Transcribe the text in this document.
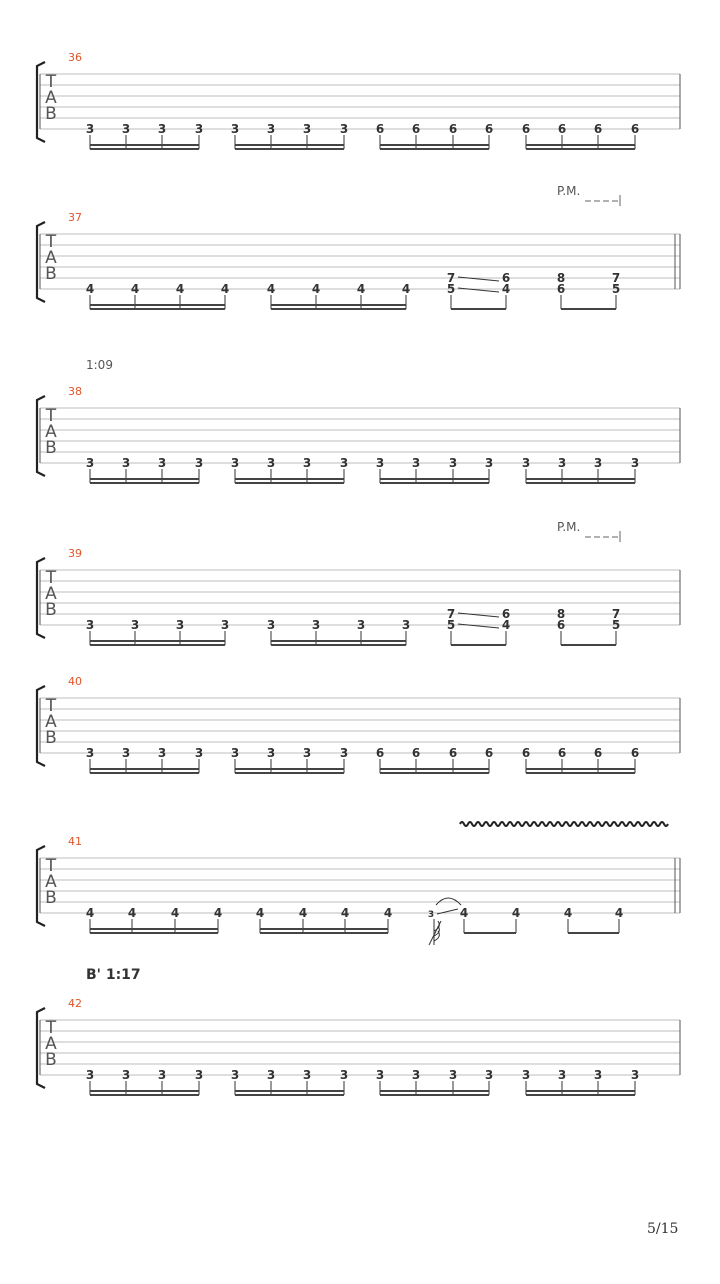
T
A
B
36
3 3 3 3 3 3 3 3 6 6 6 6 6 6 6 6
T
A
B
37
P.M.
4	4	4	4	4	4	4	4
7
5
6
4
8
6
7
5
T
A
B
38
1:09
3 3 3 3 3 3 3 3 3 3 3 3 3 3 3 3
T
A
B
39
P.M.
3	3	3	3	3	3	3	3
7
5
6
4
8
6
7
5
T
A
B
40
3 3 3 3 3 3 3 3 6 6 6 6 6 6 6 6
T
A
B
41
4	4	4	4	4	4	4	4	3 4	4	4	4
T
A
B
42
B' 1:17
3 3 3 3 3 3 3 3 3 3 3 3 3 3 3 3
5/15
